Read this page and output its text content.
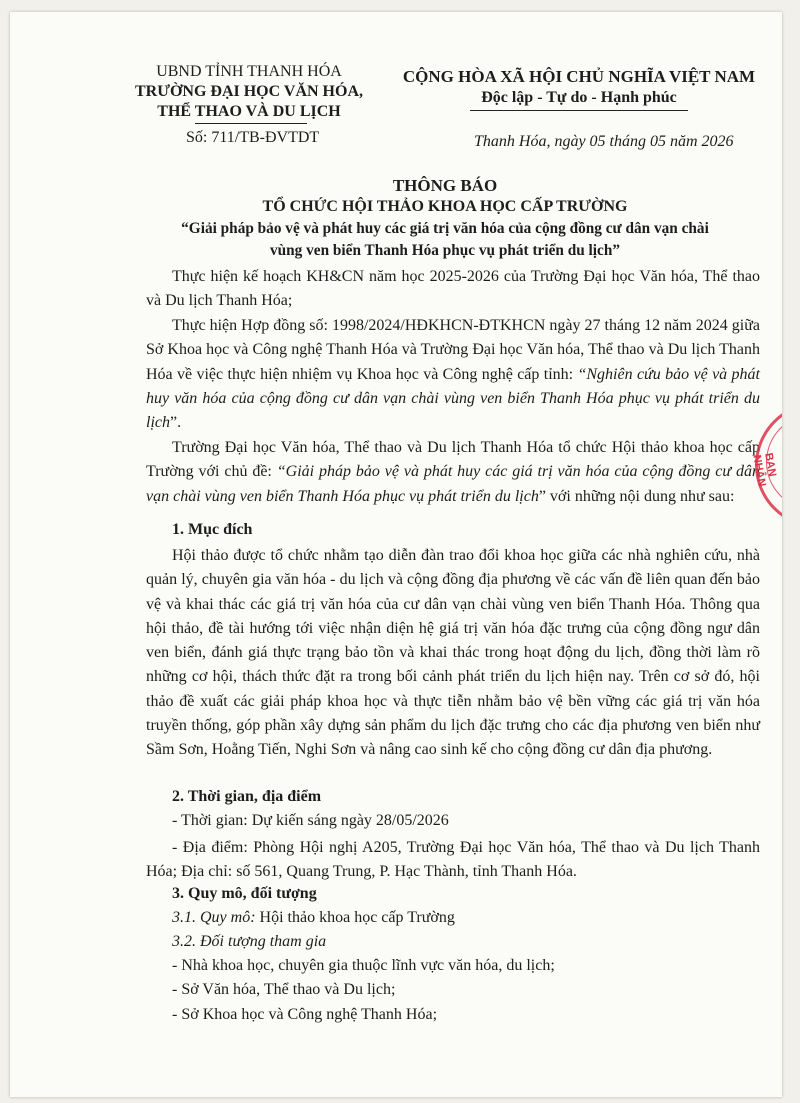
UBND TỈNH THANH HÓA
TRƯỜNG ĐẠI HỌC VĂN HÓA,
THỂ THAO VÀ DU LỊCH
Số: 711/TB-ĐVTDT
CỘNG HÒA XÃ HỘI CHỦ NGHĨA VIỆT NAM
Độc lập - Tự do - Hạnh phúc
Thanh Hóa, ngày 05 tháng 05 năm 2026
THÔNG BÁO
TỔ CHỨC HỘI THẢO KHOA HỌC CẤP TRƯỜNG
“Giải pháp bảo vệ và phát huy các giá trị văn hóa của cộng đồng cư dân vạn chài
vùng ven biển Thanh Hóa phục vụ phát triển du lịch”
Thực hiện kế hoạch KH&CN năm học 2025-2026 của Trường Đại học Văn hóa, Thể thao và Du lịch Thanh Hóa;
Thực hiện Hợp đồng số: 1998/2024/HĐKHCN-ĐTKHCN ngày 27 tháng 12 năm 2024 giữa Sở Khoa học và Công nghệ Thanh Hóa và Trường Đại học Văn hóa, Thể thao và Du lịch Thanh Hóa về việc thực hiện nhiệm vụ Khoa học và Công nghệ cấp tỉnh: “Nghiên cứu bảo vệ và phát huy văn hóa của cộng đồng cư dân vạn chài vùng ven biển Thanh Hóa phục vụ phát triển du lịch”.
Trường Đại học Văn hóa, Thể thao và Du lịch Thanh Hóa tổ chức Hội thảo khoa học cấp Trường với chủ đề: “Giải pháp bảo vệ và phát huy các giá trị văn hóa của cộng đồng cư dân vạn chài vùng ven biển Thanh Hóa phục vụ phát triển du lịch” với những nội dung như sau:
1. Mục đích
Hội thảo được tổ chức nhằm tạo diễn đàn trao đổi khoa học giữa các nhà nghiên cứu, nhà quản lý, chuyên gia văn hóa - du lịch và cộng đồng địa phương về các vấn đề liên quan đến bảo vệ và khai thác các giá trị văn hóa của cư dân vạn chài vùng ven biển Thanh Hóa. Thông qua hội thảo, đề tài hướng tới việc nhận diện hệ giá trị văn hóa đặc trưng của cộng đồng ngư dân ven biển, đánh giá thực trạng bảo tồn và khai thác trong hoạt động du lịch, đồng thời làm rõ những cơ hội, thách thức đặt ra trong bối cảnh phát triển du lịch hiện nay. Trên cơ sở đó, hội thảo đề xuất các giải pháp khoa học và thực tiễn nhằm bảo vệ bền vững các giá trị văn hóa truyền thống, góp phần xây dựng sản phẩm du lịch đặc trưng cho các địa phương ven biển như Sầm Sơn, Hoằng Tiến, Nghi Sơn và nâng cao sinh kế cho cộng đồng cư dân địa phương.
2. Thời gian, địa điểm
- Thời gian: Dự kiến sáng ngày 28/05/2026
- Địa điểm: Phòng Hội nghị A205, Trường Đại học Văn hóa, Thể thao và Du lịch Thanh Hóa; Địa chỉ: số 561, Quang Trung, P. Hạc Thành, tỉnh Thanh Hóa.
3. Quy mô, đối tượng
3.1. Quy mô: Hội thảo khoa học cấp Trường
3.2. Đối tượng tham gia
- Nhà khoa học, chuyên gia thuộc lĩnh vực văn hóa, du lịch;
- Sở Văn hóa, Thể thao và Du lịch;
- Sở Khoa học và Công nghệ Thanh Hóa;
BAN NHÂN
